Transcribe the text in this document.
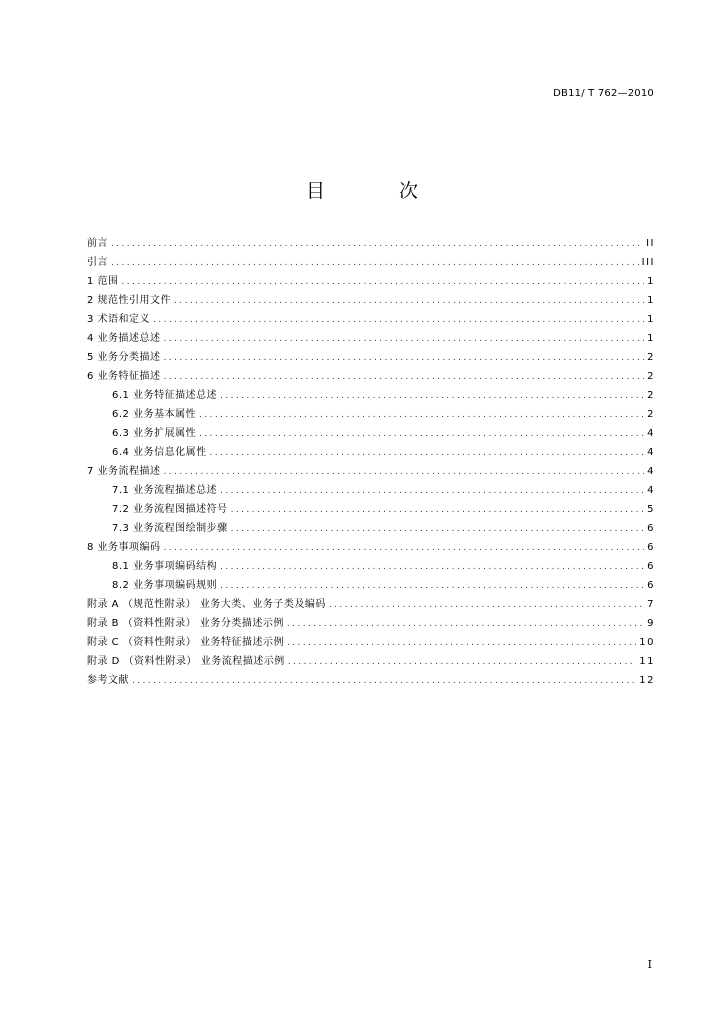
DB11/ T 762—2010
目 次
前言 .....	II
引言 .....	III
1 范围 .....	1
2 规范性引用文件 .....	1
3 术语和定义 .....	1
4 业务描述总述 .....	1
5 业务分类描述 .....	2
6 业务特征描述 .....	2
6.1 业务特征描述总述 .....	2
6.2 业务基本属性 .....	2
6.3 业务扩展属性 .....	4
6.4 业务信息化属性 .....	4
7 业务流程描述 .....	4
7.1 业务流程描述总述 .....	4
7.2 业务流程图描述符号 .....	5
7.3 业务流程图绘制步骤 .....	6
8 业务事项编码 .....	6
8.1 业务事项编码结构 .....	6
8.2 业务事项编码规则 .....	6
附录 A （规范性附录） 业务大类、业务子类及编码 .....	7
附录 B （资料性附录） 业务分类描述示例 .....	9
附录 C （资料性附录） 业务特征描述示例 .....	10
附录 D （资料性附录） 业务流程描述示例 .....	11
参考文献 .....	12
I
